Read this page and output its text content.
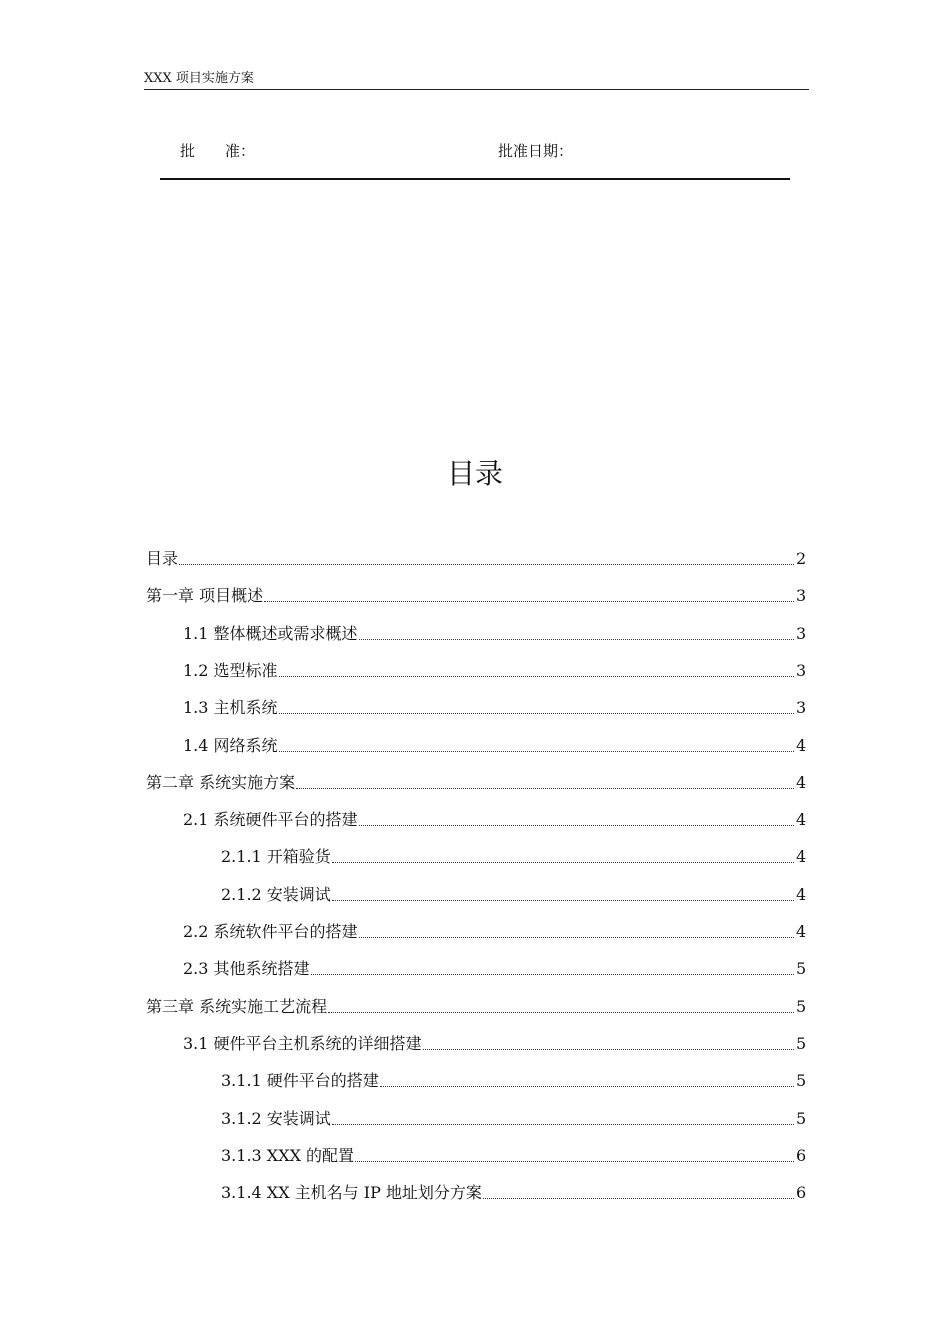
XXX 项目实施方案
批　　准：	批准日期：
目录
目录	2
第一章 项目概述	3
1.1 整体概述或需求概述	3
1.2 选型标准	3
1.3 主机系统	3
1.4 网络系统	4
第二章 系统实施方案	4
2.1 系统硬件平台的搭建	4
2.1.1 开箱验货	4
2.1.2 安装调试	4
2.2 系统软件平台的搭建	4
2.3 其他系统搭建	5
第三章 系统实施工艺流程	5
3.1 硬件平台主机系统的详细搭建	5
3.1.1 硬件平台的搭建	5
3.1.2 安装调试	5
3.1.3 XXX 的配置	6
3.1.4 XX 主机名与 IP 地址划分方案	6
